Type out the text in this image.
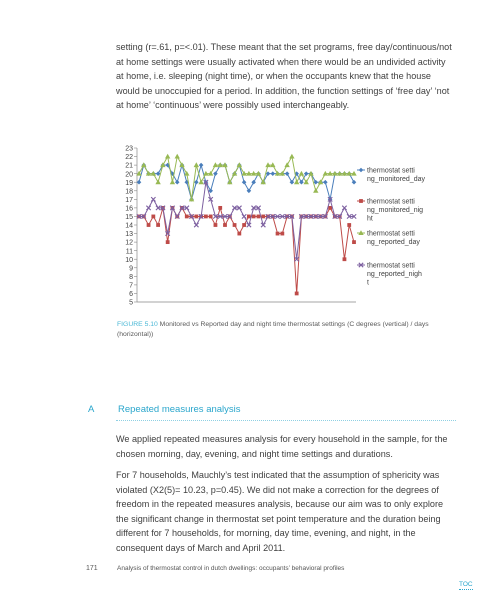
setting (r=.61, p=<.01). These meant that the set programs, free day/continuous/not at home settings were usually activated when there would be an undivided activity at home, i.e. sleeping (night time), or when the occupants knew that the house would be unoccupied for a period. In addition, the function settings of ‘free day’ ‘not at home’ ‘continuous’ were possibly used interchangeably.

5
6
7
8
9
10
11
12
13
14
15
16
17
18
19
20
21
22
23
thermostat setti
ng_monitored_day
thermostat setti
ng_monitored_nig
ht
thermostat setti
ng_reported_day
thermostat setti
ng_reported_nigh
t

FIGURE 5.10 Monitored vs Reported day and night time thermostat settings (C degrees (vertical) / days (horizontal))

A Repeated measures analysis

We applied repeated measures analysis for every household in the sample, for the chosen morning, day, evening, and night time settings and durations.

For 7 households, Mauchly’s test indicated that the assumption of sphericity was violated (X2(5)= 10.23, p=0.45). We did not make a correction for the degrees of freedom in the repeated measures analysis, because our aim was to only explore the significant change in thermostat set point temperature and the duration being different for 7 households, for morning, day time, evening, and night, in the consequent days of March and April 2011.

171	Analysis of thermostat control in dutch dwellings: occupants’ behavioral profiles
TOC
